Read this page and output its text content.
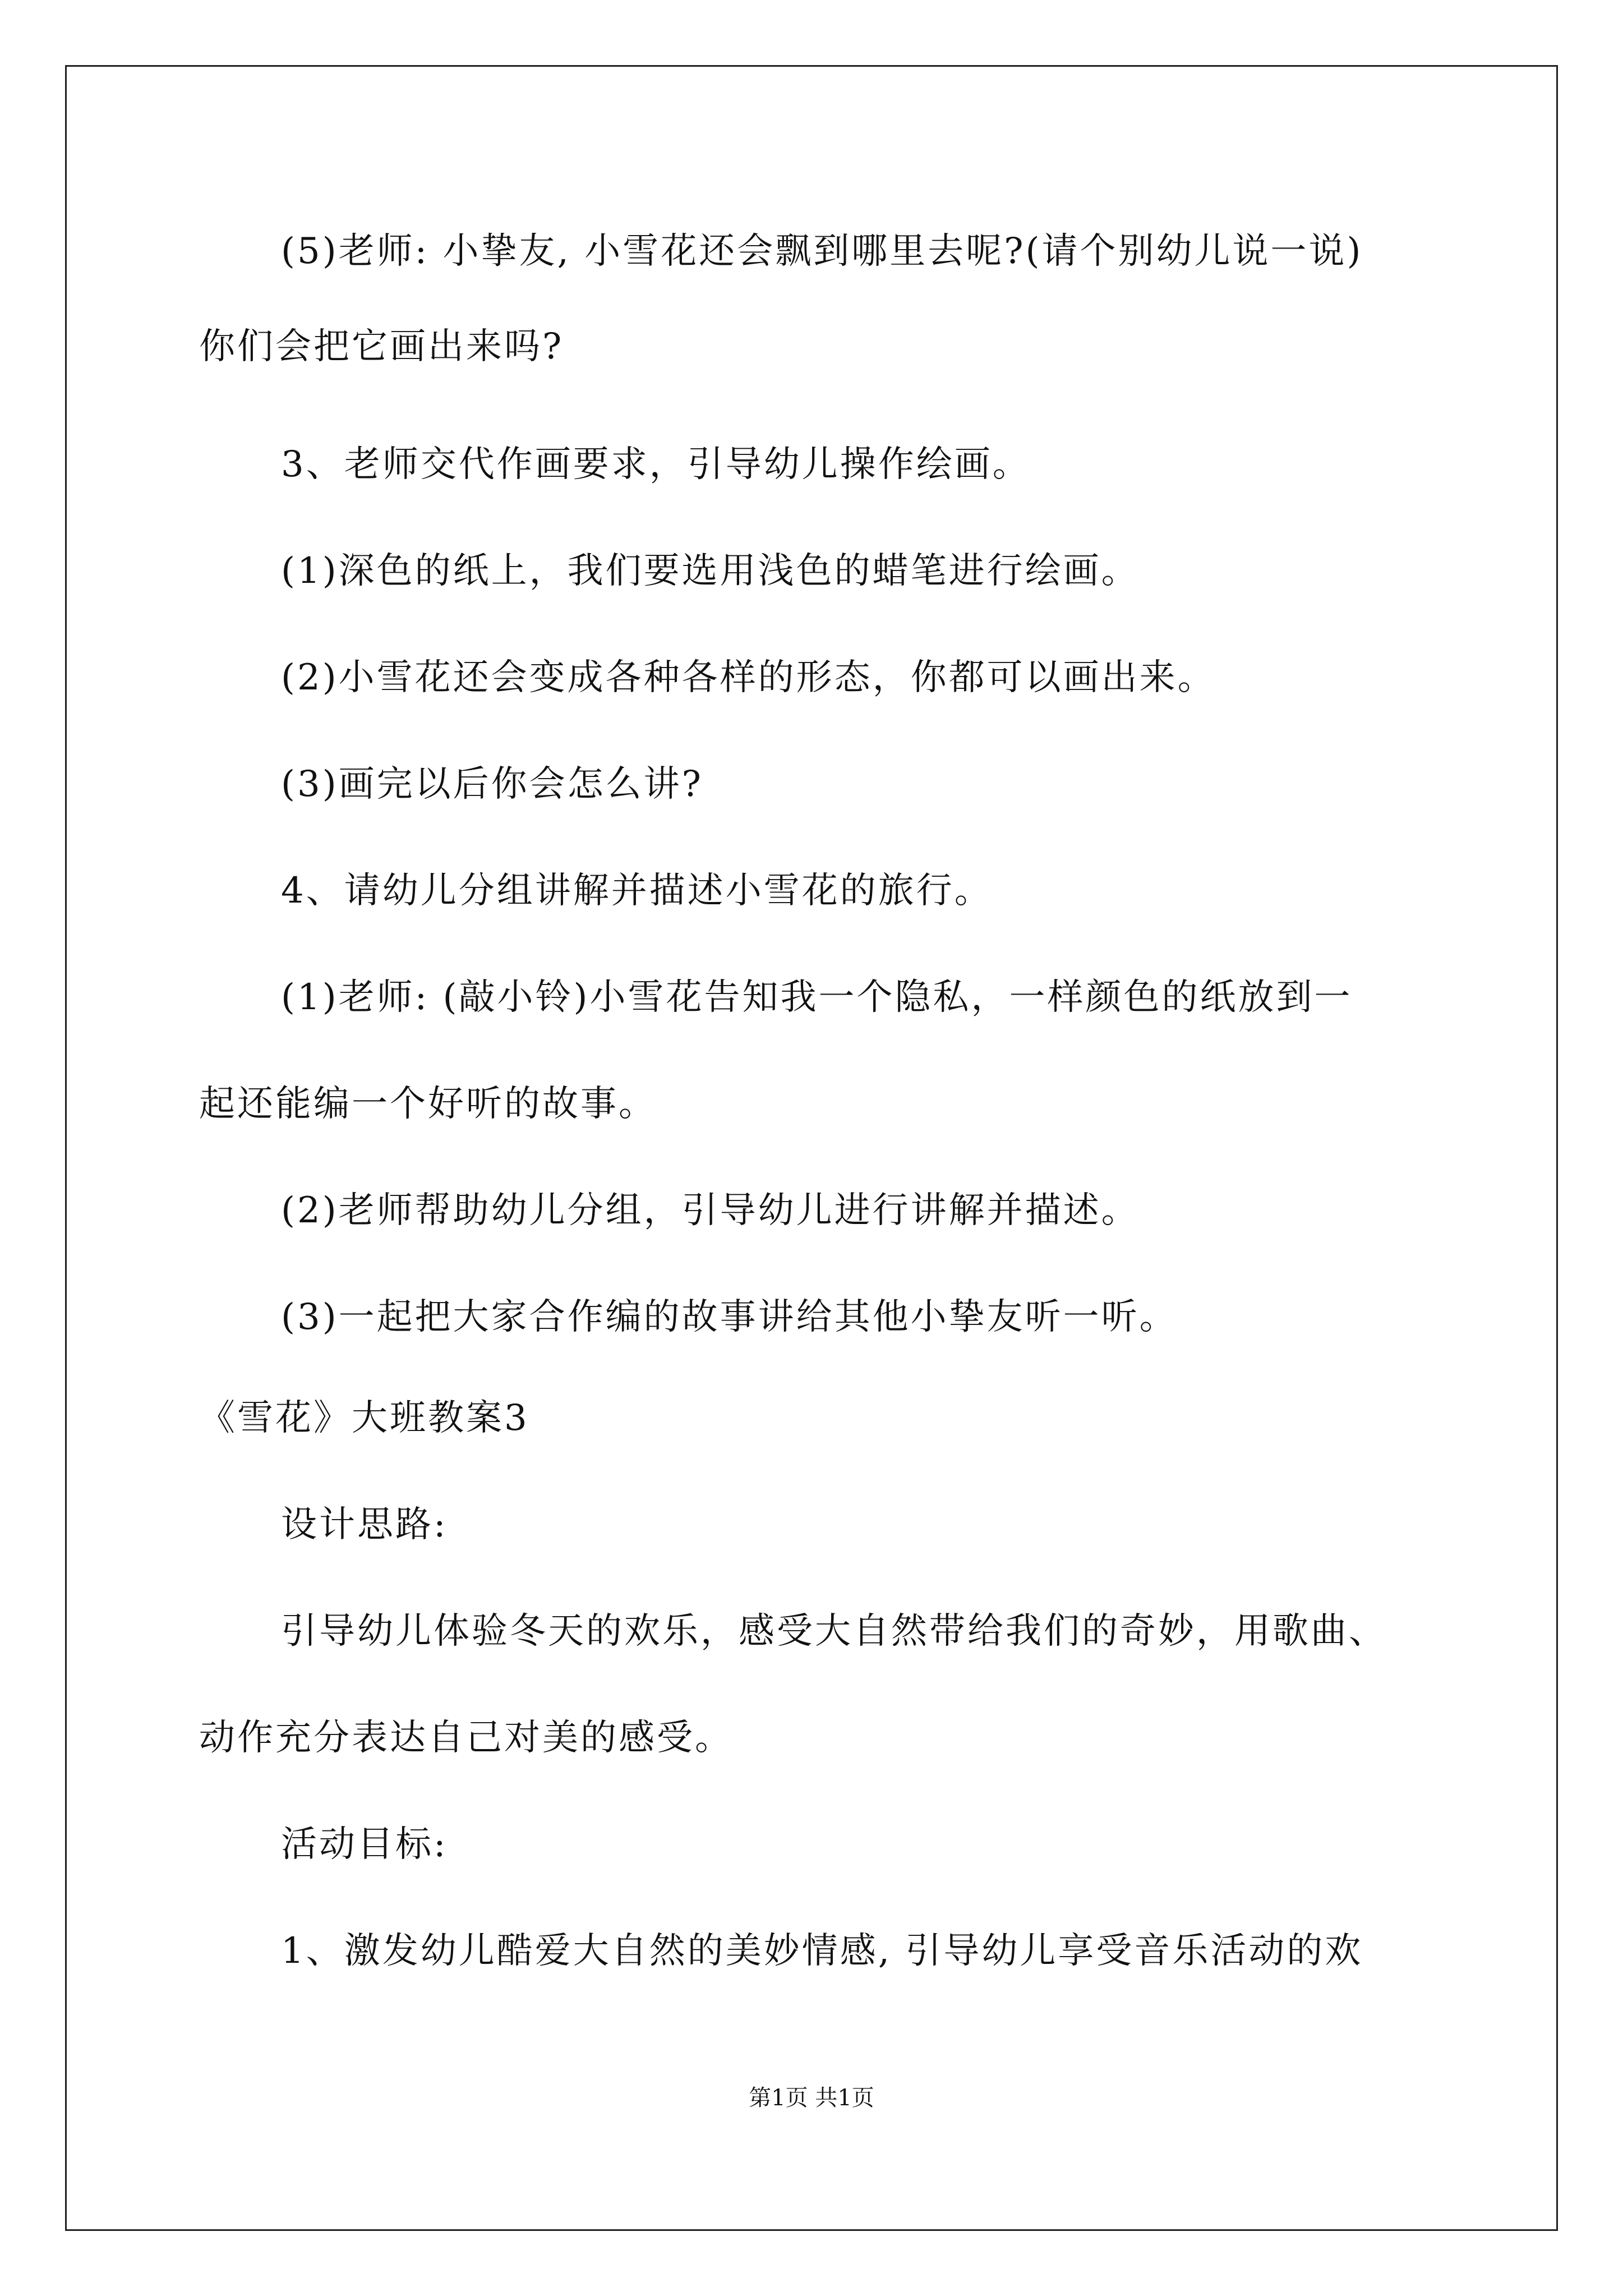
(5)老师: 小挚友, 小雪花还会飘到哪里去呢?(请个别幼儿说一说)
你们会把它画出来吗?
3、老师交代作画要求，引导幼儿操作绘画。
(1)深色的纸上，我们要选用浅色的蜡笔进行绘画。
(2)小雪花还会变成各种各样的形态，你都可以画出来。
(3)画完以后你会怎么讲?
4、请幼儿分组讲解并描述小雪花的旅行。
(1)老师: (敲小铃)小雪花告知我一个隐私，一样颜色的纸放到一
起还能编一个好听的故事。
(2)老师帮助幼儿分组，引导幼儿进行讲解并描述。
(3)一起把大家合作编的故事讲给其他小挚友听一听。
《雪花》大班教案3
设计思路:
引导幼儿体验冬天的欢乐，感受大自然带给我们的奇妙，用歌曲、
动作充分表达自己对美的感受。
活动目标:
1、激发幼儿酷爱大自然的美妙情感, 引导幼儿享受音乐活动的欢
第1页 共1页
